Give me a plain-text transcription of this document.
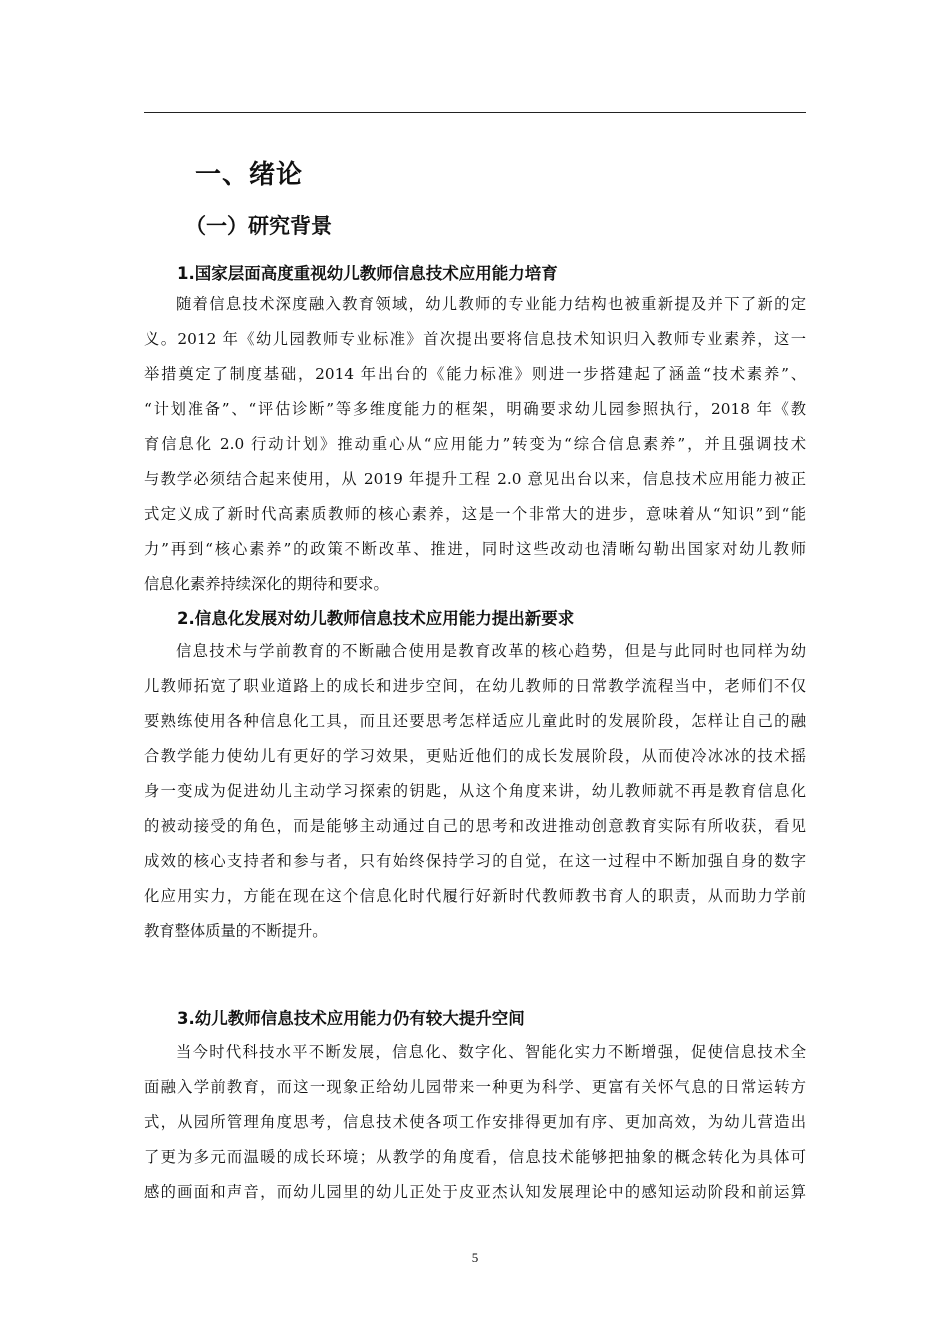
一、绪论
（一）研究背景
1.国家层面高度重视幼儿教师信息技术应用能力培育
随着信息技术深度融入教育领域，幼儿教师的专业能力结构也被重新提及并下了新的定
义。2012 年《幼儿园教师专业标准》首次提出要将信息技术知识归入教师专业素养，这一
举措奠定了制度基础，2014 年出台的《能力标准》则进一步搭建起了涵盖“技术素养”、
“计划准备”、“评估诊断”等多维度能力的框架，明确要求幼儿园参照执行，2018 年《教
育信息化 2.0 行动计划》推动重心从“应用能力”转变为“综合信息素养”，并且强调技术
与教学必须结合起来使用，从 2019 年提升工程 2.0 意见出台以来，信息技术应用能力被正
式定义成了新时代高素质教师的核心素养，这是一个非常大的进步，意味着从“知识”到“能
力”再到“核心素养”的政策不断改革、推进，同时这些改动也清晰勾勒出国家对幼儿教师
信息化素养持续深化的期待和要求。
2.信息化发展对幼儿教师信息技术应用能力提出新要求
信息技术与学前教育的不断融合使用是教育改革的核心趋势，但是与此同时也同样为幼
儿教师拓宽了职业道路上的成长和进步空间，在幼儿教师的日常教学流程当中，老师们不仅
要熟练使用各种信息化工具，而且还要思考怎样适应儿童此时的发展阶段，怎样让自己的融
合教学能力使幼儿有更好的学习效果，更贴近他们的成长发展阶段，从而使冷冰冰的技术摇
身一变成为促进幼儿主动学习探索的钥匙，从这个角度来讲，幼儿教师就不再是教育信息化
的被动接受的角色，而是能够主动通过自己的思考和改进推动创意教育实际有所收获，看见
成效的核心支持者和参与者，只有始终保持学习的自觉，在这一过程中不断加强自身的数字
化应用实力，方能在现在这个信息化时代履行好新时代教师教书育人的职责，从而助力学前
教育整体质量的不断提升。
3.幼儿教师信息技术应用能力仍有较大提升空间
当今时代科技水平不断发展，信息化、数字化、智能化实力不断增强，促使信息技术全
面融入学前教育，而这一现象正给幼儿园带来一种更为科学、更富有关怀气息的日常运转方
式，从园所管理角度思考，信息技术使各项工作安排得更加有序、更加高效，为幼儿营造出
了更为多元而温暖的成长环境；从教学的角度看，信息技术能够把抽象的概念转化为具体可
感的画面和声音，而幼儿园里的幼儿正处于皮亚杰认知发展理论中的感知运动阶段和前运算
5
